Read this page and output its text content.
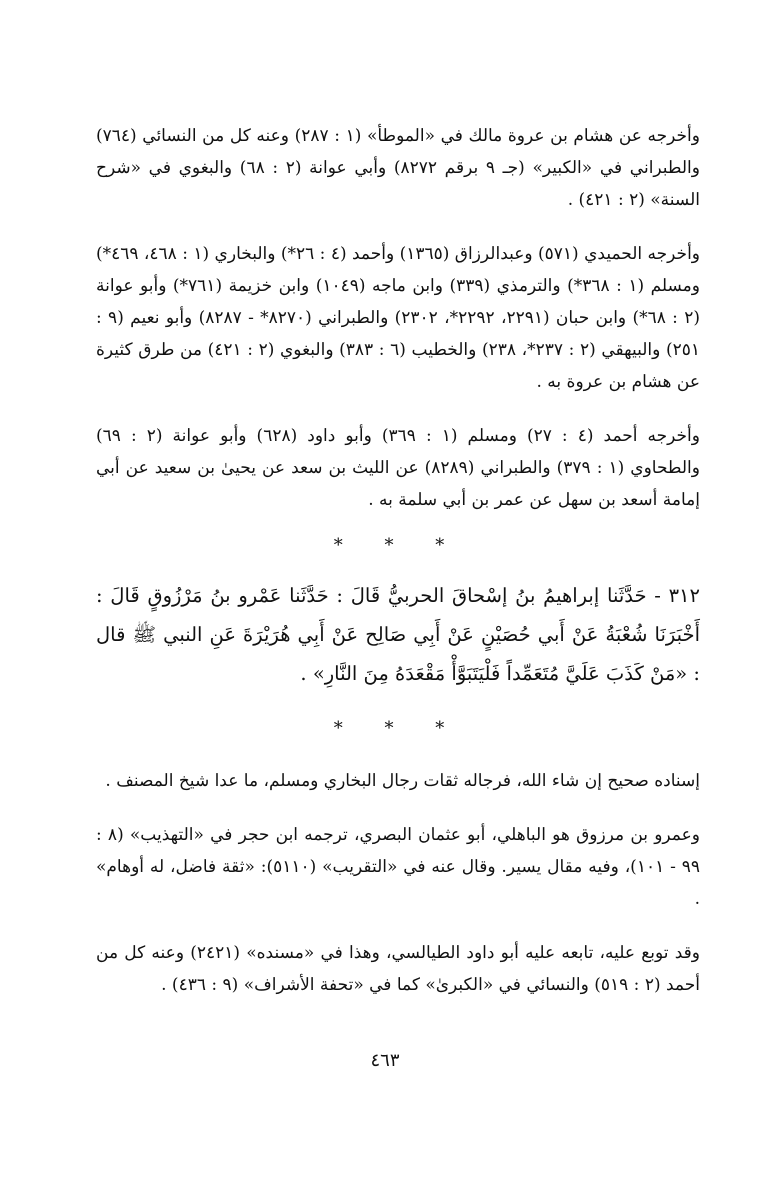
وأخرجه عن هشام بن عروة مالك في «الموطأ» (١ : ٢٨٧) وعنه كل من النسائي (٧٦٤) والطبراني في «الكبير» (جـ ٩ برقم ٨٢٧٢) وأبي عوانة (٢ : ٦٨) والبغوي في «شرح السنة» (٢ : ٤٢١) .

وأخرجه الحميدي (٥٧١) وعبدالرزاق (١٣٦٥) وأحمد (٤ : ٢٦*) والبخاري (١ : ٤٦٨، ٤٦٩*) ومسلم (١ : ٣٦٨*) والترمذي (٣٣٩) وابن ماجه (١٠٤٩) وابن خزيمة (٧٦١*) وأبو عوانة (٢ : ٦٨*) وابن حبان (٢٢٩١، ٢٢٩٢*، ٢٣٠٢) والطبراني (٨٢٧٠* - ٨٢٨٧) وأبو نعيم (٩ : ٢٥١) والبيهقي (٢ : ٢٣٧*، ٢٣٨) والخطيب (٦ : ٣٨٣) والبغوي (٢ : ٤٢١) من طرق كثيرة عن هشام بن عروة به .

وأخرجه أحمد (٤ : ٢٧) ومسلم (١ : ٣٦٩) وأبو داود (٦٢٨) وأبو عوانة (٢ : ٦٩) والطحاوي (١ : ٣٧٩) والطبراني (٨٢٨٩) عن الليث بن سعد عن يحيىٰ بن سعيد عن أبي إمامة أسعد بن سهل عن عمر بن أبي سلمة به .

* * *

٣١٢ - حَدَّثَنا إبراهيمُ بنُ إسْحاقَ الحربيُّ قَالَ : حَدَّثَنا عَمْرو بنُ مَرْزُوقٍ قَالَ : أَخْبَرَنَا شُعْبَةُ عَنْ أَبي حُصَيْنٍ عَنْ أَبِي صَالِح عَنْ أَبِي هُرَيْرَةَ عَنِ النبي ﷺ قال : «مَنْ كَذَبَ عَلَيَّ مُتَعَمِّداً فَلْيَتَبَوَّأْ مَقْعَدَهُ مِنَ النَّارِ» .

* * *

إسناده صحيح إن شاء الله، فرجاله ثقات رجال البخاري ومسلم، ما عدا شيخ المصنف .

وعمرو بن مرزوق هو الباهلي، أبو عثمان البصري، ترجمه ابن حجر في «التهذيب» (٨ : ٩٩ - ١٠١)، وفيه مقال يسير. وقال عنه في «التقريب» (٥١١٠): «ثقة فاضل، له أوهام» .

وقد توبع عليه، تابعه عليه أبو داود الطيالسي، وهذا في «مسنده» (٢٤٢١) وعنه كل من أحمد (٢ : ٥١٩) والنسائي في «الكبرىٰ» كما في «تحفة الأشراف» (٩ : ٤٣٦) .

٤٦٣
